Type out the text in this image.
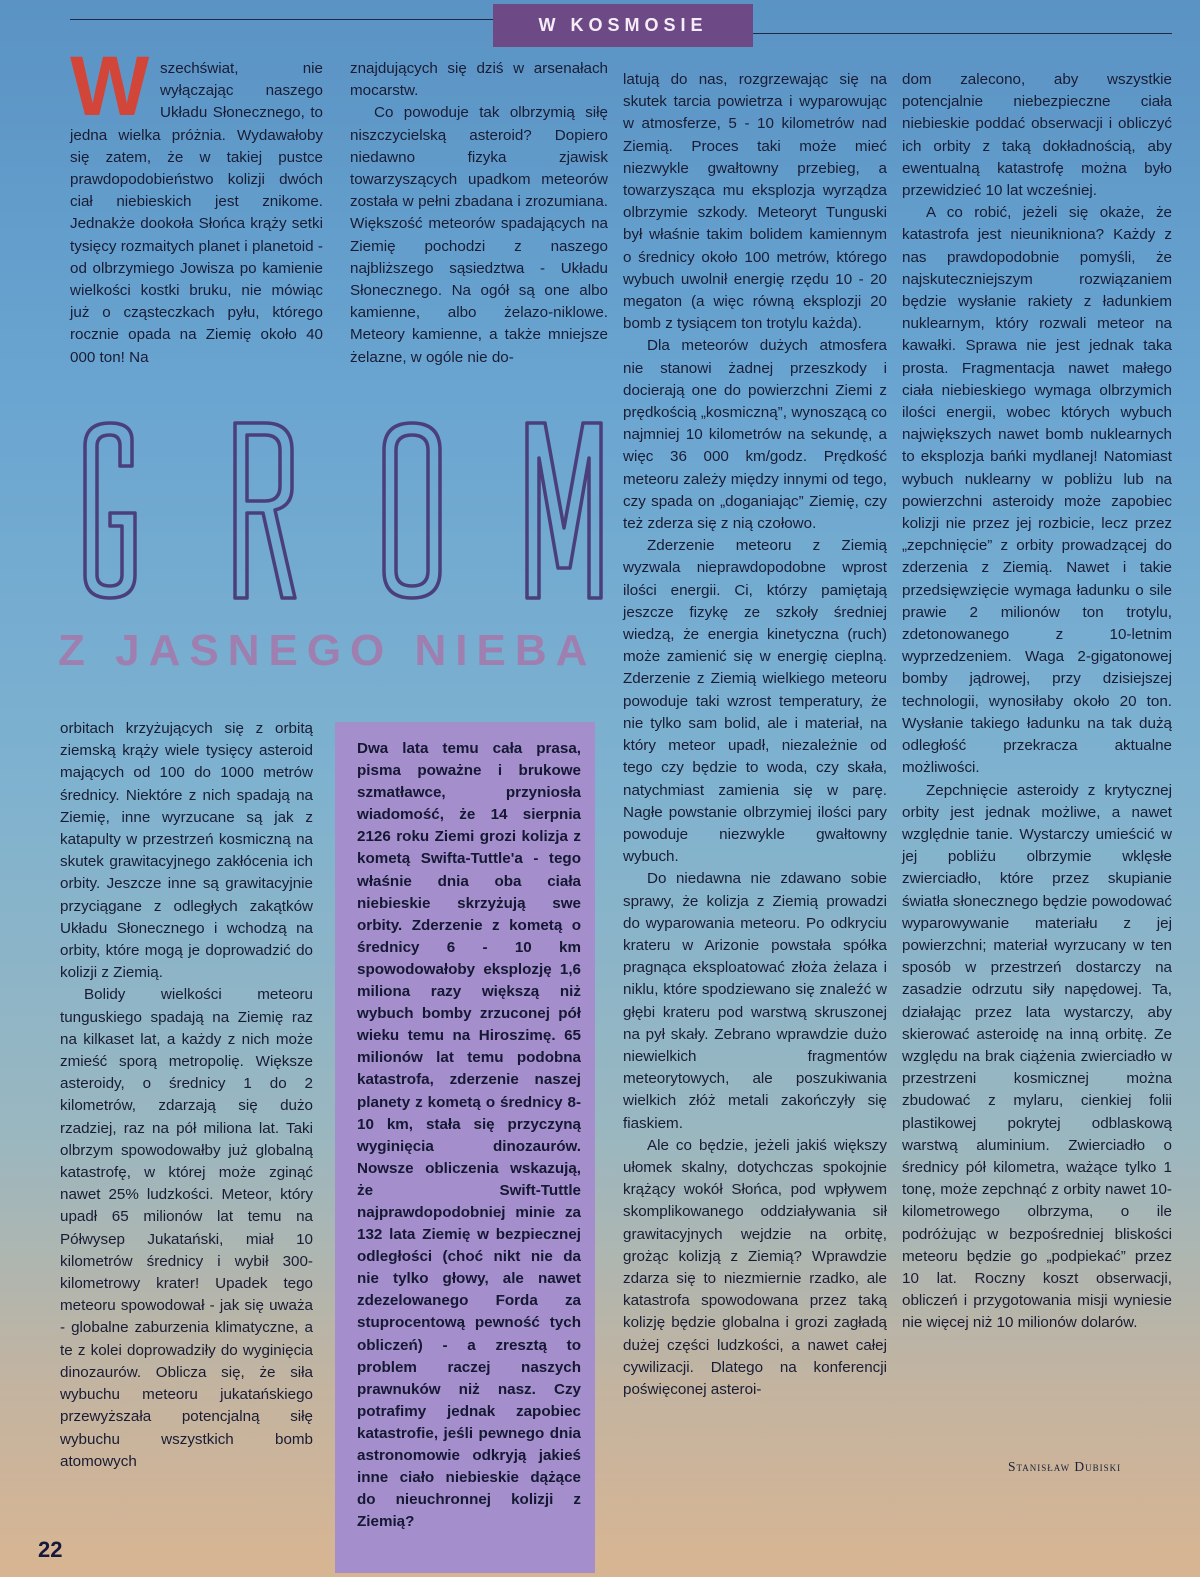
W KOSMOSIE

Wszechświat, nie wyłączając naszego Układu Słonecznego, to jedna wielka próżnia. Wydawałoby się zatem, że w takiej pustce prawdopodobieństwo kolizji dwóch ciał niebieskich jest znikome. Jednakże dookoła Słońca krąży setki tysięcy rozmaitych planet i planetoid - od olbrzymiego Jowisza po kamienie wielkości kostki bruku, nie mówiąc już o cząsteczkach pyłu, którego rocznie opada na Ziemię około 40 000 ton! Na

znajdujących się dziś w arsenałach mocarstw.

Co powoduje tak olbrzymią siłę niszczycielską asteroid? Dopiero niedawno fizyka zjawisk towarzyszących upadkom meteorów została w pełni zbadana i zrozumiana. Większość meteorów spadających na Ziemię pochodzi z naszego najbliższego sąsiedztwa - Układu Słonecznego. Na ogół są one albo kamienne, albo żelazo-niklowe. Meteory kamienne, a także mniejsze żelazne, w ogóle nie do-

GROM
Z JASNEGO NIEBA

orbitach krzyżujących się z orbitą ziemską krąży wiele tysięcy asteroid mających od 100 do 1000 metrów średnicy. Niektóre z nich spadają na Ziemię, inne wyrzucane są jak z katapulty w przestrzeń kosmiczną na skutek grawitacyjnego zakłócenia ich orbity. Jeszcze inne są grawitacyjnie przyciągane z odległych zakątków Układu Słonecznego i wchodzą na orbity, które mogą je doprowadzić do kolizji z Ziemią.

Bolidy wielkości meteoru tunguskiego spadają na Ziemię raz na kilkaset lat, a każdy z nich może zmieść sporą metropolię. Większe asteroidy, o średnicy 1 do 2 kilometrów, zdarzają się dużo rzadziej, raz na pół miliona lat. Taki olbrzym spowodowałby już globalną katastrofę, w której może zginąć nawet 25% ludzkości. Meteor, który upadł 65 milionów lat temu na Półwysep Jukatański, miał 10 kilometrów średnicy i wybił 300-kilometrowy krater! Upadek tego meteoru spowodował - jak się uważa - globalne zaburzenia klimatyczne, a te z kolei doprowadziły do wyginięcia dinozaurów. Oblicza się, że siła wybuchu meteoru jukatańskiego przewyższała potencjalną siłę wybuchu wszystkich bomb atomowych

Dwa lata temu cała prasa, pisma poważne i brukowe szmatławce, przyniosła wiadomość, że 14 sierpnia 2126 roku Ziemi grozi kolizja z kometą Swifta-Tuttle'a - tego właśnie dnia oba ciała niebieskie skrzyżują swe orbity. Zderzenie z kometą o średnicy 6 - 10 km spowodowałoby eksplozję 1,6 miliona razy większą niż wybuch bomby zrzuconej pół wieku temu na Hiroszimę. 65 milionów lat temu podobna katastrofa, zderzenie naszej planety z kometą o średnicy 8-10 km, stała się przyczyną wyginięcia dinozaurów. Nowsze obliczenia wskazują, że Swift-Tuttle najprawdopodobniej minie za 132 lata Ziemię w bezpiecznej odległości (choć nikt nie da nie tylko głowy, ale nawet zdezelowanego Forda za stuprocentową pewność tych obliczeń) - a zresztą to problem raczej naszych prawnuków niż nasz. Czy potrafimy jednak zapobiec katastrofie, jeśli pewnego dnia astronomowie odkryją jakieś inne ciało niebieskie dążące do nieuchronnej kolizji z Ziemią?

latują do nas, rozgrzewając się na skutek tarcia powietrza i wyparowując w atmosferze, 5 - 10 kilometrów nad Ziemią. Proces taki może mieć niezwykle gwałtowny przebieg, a towarzysząca mu eksplozja wyrządza olbrzymie szkody. Meteoryt Tunguski był właśnie takim bolidem kamiennym o średnicy około 100 metrów, którego wybuch uwolnił energię rzędu 10 - 20 megaton (a więc równą eksplozji 20 bomb z tysiącem ton trotylu każda).

Dla meteorów dużych atmosfera nie stanowi żadnej przeszkody i docierają one do powierzchni Ziemi z prędkością „kosmiczną”, wynoszącą co najmniej 10 kilometrów na sekundę, a więc 36 000 km/godz. Prędkość meteoru zależy między innymi od tego, czy spada on „doganiając” Ziemię, czy też zderza się z nią czołowo.

Zderzenie meteoru z Ziemią wyzwala nieprawdopodobne wprost ilości energii. Ci, którzy pamiętają jeszcze fizykę ze szkoły średniej wiedzą, że energia kinetyczna (ruch) może zamienić się w energię cieplną. Zderzenie z Ziemią wielkiego meteoru powoduje taki wzrost temperatury, że nie tylko sam bolid, ale i materiał, na który meteor upadł, niezależnie od tego czy będzie to woda, czy skała, natychmiast zamienia się w parę. Nagłe powstanie olbrzymiej ilości pary powoduje niezwykle gwałtowny wybuch.

Do niedawna nie zdawano sobie sprawy, że kolizja z Ziemią prowadzi do wyparowania meteoru. Po odkryciu krateru w Arizonie powstała spółka pragnąca eksploatować złoża żelaza i niklu, które spodziewano się znaleźć w głębi krateru pod warstwą skruszonej na pył skały. Zebrano wprawdzie dużo niewielkich fragmentów meteorytowych, ale poszukiwania wielkich złóż metali zakończyły się fiaskiem.

Ale co będzie, jeżeli jakiś większy ułomek skalny, dotychczas spokojnie krążący wokół Słońca, pod wpływem skomplikowanego oddziaływania sił grawitacyjnych wejdzie na orbitę, grożąc kolizją z Ziemią? Wprawdzie zdarza się to niezmiernie rzadko, ale katastrofa spowodowana przez taką kolizję będzie globalna i grozi zagładą dużej części ludzkości, a nawet całej cywilizacji. Dlatego na konferencji poświęconej asteroi-

dom zalecono, aby wszystkie potencjalnie niebezpieczne ciała niebieskie poddać obserwacji i obliczyć ich orbity z taką dokładnością, aby ewentualną katastrofę można było przewidzieć 10 lat wcześniej.

A co robić, jeżeli się okaże, że katastrofa jest nieunikniona? Każdy z nas prawdopodobnie pomyśli, że najskuteczniejszym rozwiązaniem będzie wysłanie rakiety z ładunkiem nuklearnym, który rozwali meteor na kawałki. Sprawa nie jest jednak taka prosta. Fragmentacja nawet małego ciała niebieskiego wymaga olbrzymich ilości energii, wobec których wybuch największych nawet bomb nuklearnych to eksplozja bańki mydlanej! Natomiast wybuch nuklearny w pobliżu lub na powierzchni asteroidy może zapobiec kolizji nie przez jej rozbicie, lecz przez „zepchnięcie” z orbity prowadzącej do zderzenia z Ziemią. Nawet i takie przedsięwzięcie wymaga ładunku o sile prawie 2 milionów ton trotylu, zdetonowanego z 10-letnim wyprzedzeniem. Waga 2-gigatonowej bomby jądrowej, przy dzisiejszej technologii, wynosiłaby około 20 ton. Wysłanie takiego ładunku na tak dużą odległość przekracza aktualne możliwości.

Zepchnięcie asteroidy z krytycznej orbity jest jednak możliwe, a nawet względnie tanie. Wystarczy umieścić w jej pobliżu olbrzymie wklęsłe zwierciadło, które przez skupianie światła słonecznego będzie powodować wyparowywanie materiału z jej powierzchni; materiał wyrzucany w ten sposób w przestrzeń dostarczy na zasadzie odrzutu siły napędowej. Ta, działając przez lata wystarczy, aby skierować asteroidę na inną orbitę. Ze względu na brak ciążenia zwierciadło w przestrzeni kosmicznej można zbudować z mylaru, cienkiej folii plastikowej pokrytej odblaskową warstwą aluminium. Zwierciadło o średnicy pół kilometra, ważące tylko 1 tonę, może zepchnąć z orbity nawet 10-kilometrowego olbrzyma, o ile podróżując w bezpośredniej bliskości meteoru będzie go „podpiekać” przez 10 lat. Roczny koszt obserwacji, obliczeń i przygotowania misji wyniesie nie więcej niż 10 milionów dolarów.

Stanisław Dubiski
22
